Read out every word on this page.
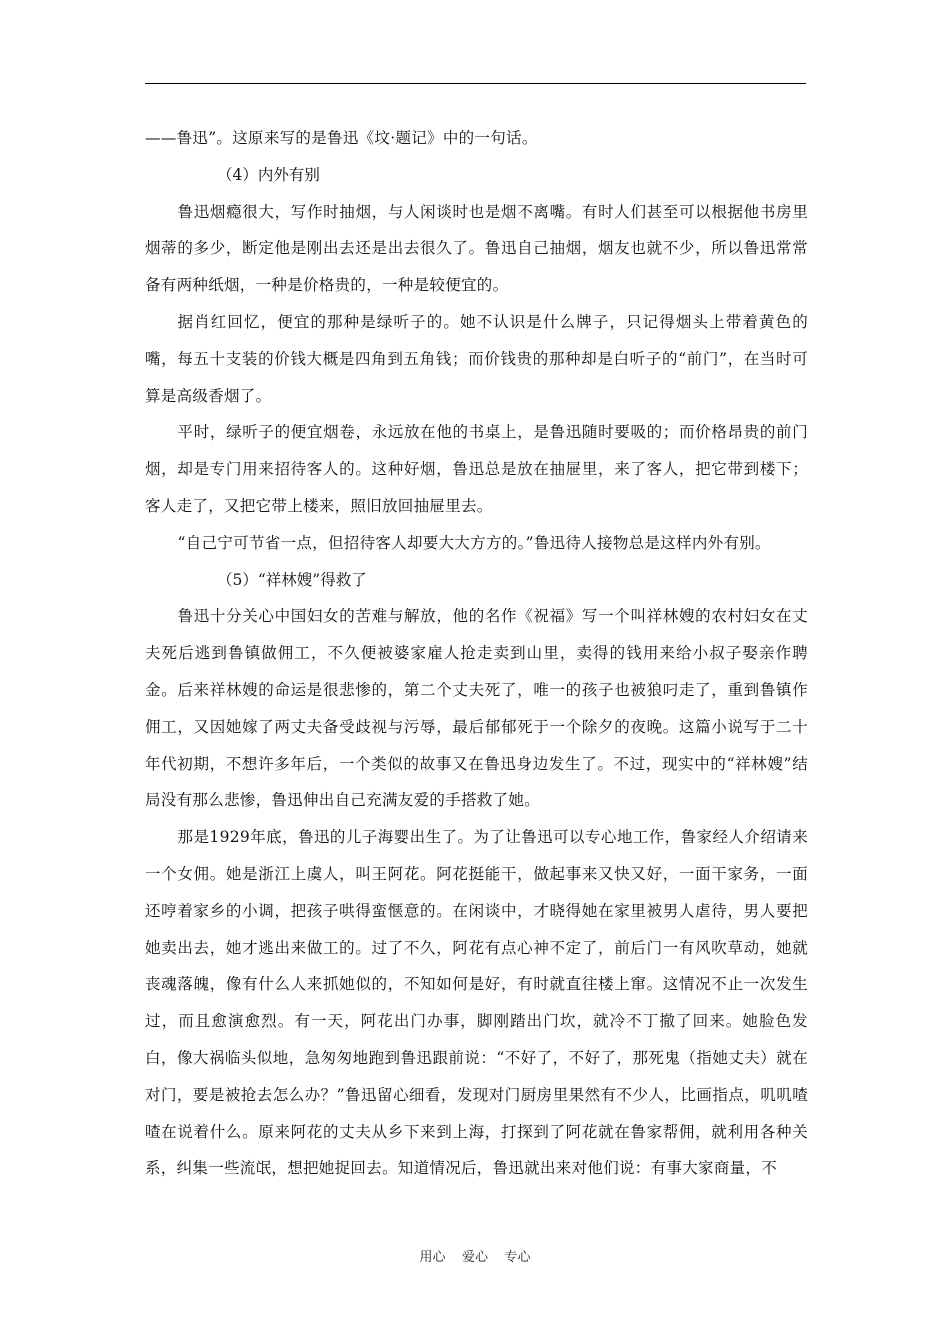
——鲁迅”。这原来写的是鲁迅《坟·题记》中的一句话。

（4）内外有别

鲁迅烟瘾很大，写作时抽烟，与人闲谈时也是烟不离嘴。有时人们甚至可以根据他书房里烟蒂的多少，断定他是刚出去还是出去很久了。鲁迅自己抽烟，烟友也就不少，所以鲁迅常常备有两种纸烟，一种是价格贵的，一种是较便宜的。

据肖红回忆，便宜的那种是绿听子的。她不认识是什么牌子，只记得烟头上带着黄色的嘴，每五十支装的价钱大概是四角到五角钱；而价钱贵的那种却是白听子的“前门”，在当时可算是高级香烟了。

平时，绿听子的便宜烟卷，永远放在他的书桌上，是鲁迅随时要吸的；而价格昂贵的前门烟，却是专门用来招待客人的。这种好烟，鲁迅总是放在抽屉里，来了客人，把它带到楼下；客人走了，又把它带上楼来，照旧放回抽屉里去。

“自己宁可节省一点，但招待客人却要大大方方的。”鲁迅待人接物总是这样内外有别。

（5）“祥林嫂”得救了

鲁迅十分关心中国妇女的苦难与解放，他的名作《祝福》写一个叫祥林嫂的农村妇女在丈夫死后逃到鲁镇做佣工，不久便被婆家雇人抢走卖到山里，卖得的钱用来给小叔子娶亲作聘金。后来祥林嫂的命运是很悲惨的，第二个丈夫死了，唯一的孩子也被狼叼走了，重到鲁镇作佣工，又因她嫁了两丈夫备受歧视与污辱，最后郁郁死于一个除夕的夜晚。这篇小说写于二十年代初期，不想许多年后，一个类似的故事又在鲁迅身边发生了。不过，现实中的“祥林嫂”结局没有那么悲惨，鲁迅伸出自己充满友爱的手搭救了她。

那是1929年底，鲁迅的儿子海婴出生了。为了让鲁迅可以专心地工作，鲁家经人介绍请来一个女佣。她是浙江上虞人，叫王阿花。阿花挺能干，做起事来又快又好，一面干家务，一面还哼着家乡的小调，把孩子哄得蛮惬意的。在闲谈中，才晓得她在家里被男人虐待，男人要把她卖出去，她才逃出来做工的。过了不久，阿花有点心神不定了，前后门一有风吹草动，她就丧魂落魄，像有什么人来抓她似的，不知如何是好，有时就直往楼上窜。这情况不止一次发生过，而且愈演愈烈。有一天，阿花出门办事，脚刚踏出门坎，就冷不丁撤了回来。她脸色发白，像大祸临头似地，急匆匆地跑到鲁迅跟前说：“不好了，不好了，那死鬼（指她丈夫）就在对门，要是被抢去怎么办？”鲁迅留心细看，发现对门厨房里果然有不少人，比画指点，叽叽喳喳在说着什么。原来阿花的丈夫从乡下来到上海，打探到了阿花就在鲁家帮佣，就利用各种关系，纠集一些流氓，想把她捉回去。知道情况后，鲁迅就出来对他们说：有事大家商量，不

用心    爱心    专心
